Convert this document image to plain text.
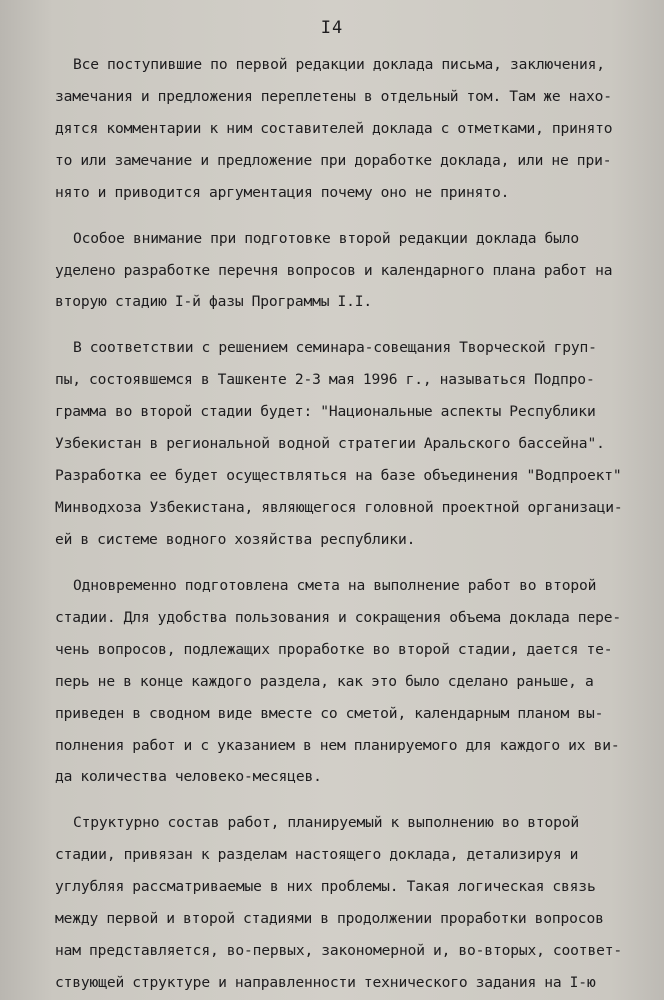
I4
Все поступившие по первой редакции доклада письма, заключения,
замечания и предложения переплетены в отдельный том. Там же нахо-
дятся комментарии к ним составителей доклада с отметками, принято
то или замечание и предложение при доработке доклада, или не при-
нято и приводится аргументация почему оно не принято.
Особое внимание при подготовке второй редакции доклада было
уделено разработке перечня вопросов и календарного плана работ на
вторую стадию I-й фазы Программы I.I.
В соответствии с решением семинара-совещания Творческой груп-
пы, состоявшемся в Ташкенте 2-3 мая 1996 г., называться Подпро-
грамма во второй стадии будет: "Национальные аспекты Республики
Узбекистан в региональной водной стратегии Аральского бассейна".
Разработка ее будет осуществляться на базе объединения "Водпроект"
Минводхоза Узбекистана, являющегося головной проектной организаци-
ей в системе водного хозяйства республики.
Одновременно подготовлена смета на выполнение работ во второй
стадии. Для удобства пользования и сокращения объема доклада пере-
чень вопросов, подлежащих проработке во второй стадии, дается те-
перь не в конце каждого раздела, как это было сделано раньше, а
приведен в сводном виде вместе со сметой, календарным планом вы-
полнения работ и с указанием в нем планируемого для каждого их ви-
да количества человеко-месяцев.
Структурно состав работ, планируемый к выполнению во второй
стадии, привязан к разделам настоящего доклада, детализируя и
углубляя рассматриваемые в них проблемы. Такая логическая связь
между первой и второй стадиями в продолжении проработки вопросов
нам представляется, во-первых, закономерной и, во-вторых, соответ-
ствующей структуре и направленности технического задания на I-ю
